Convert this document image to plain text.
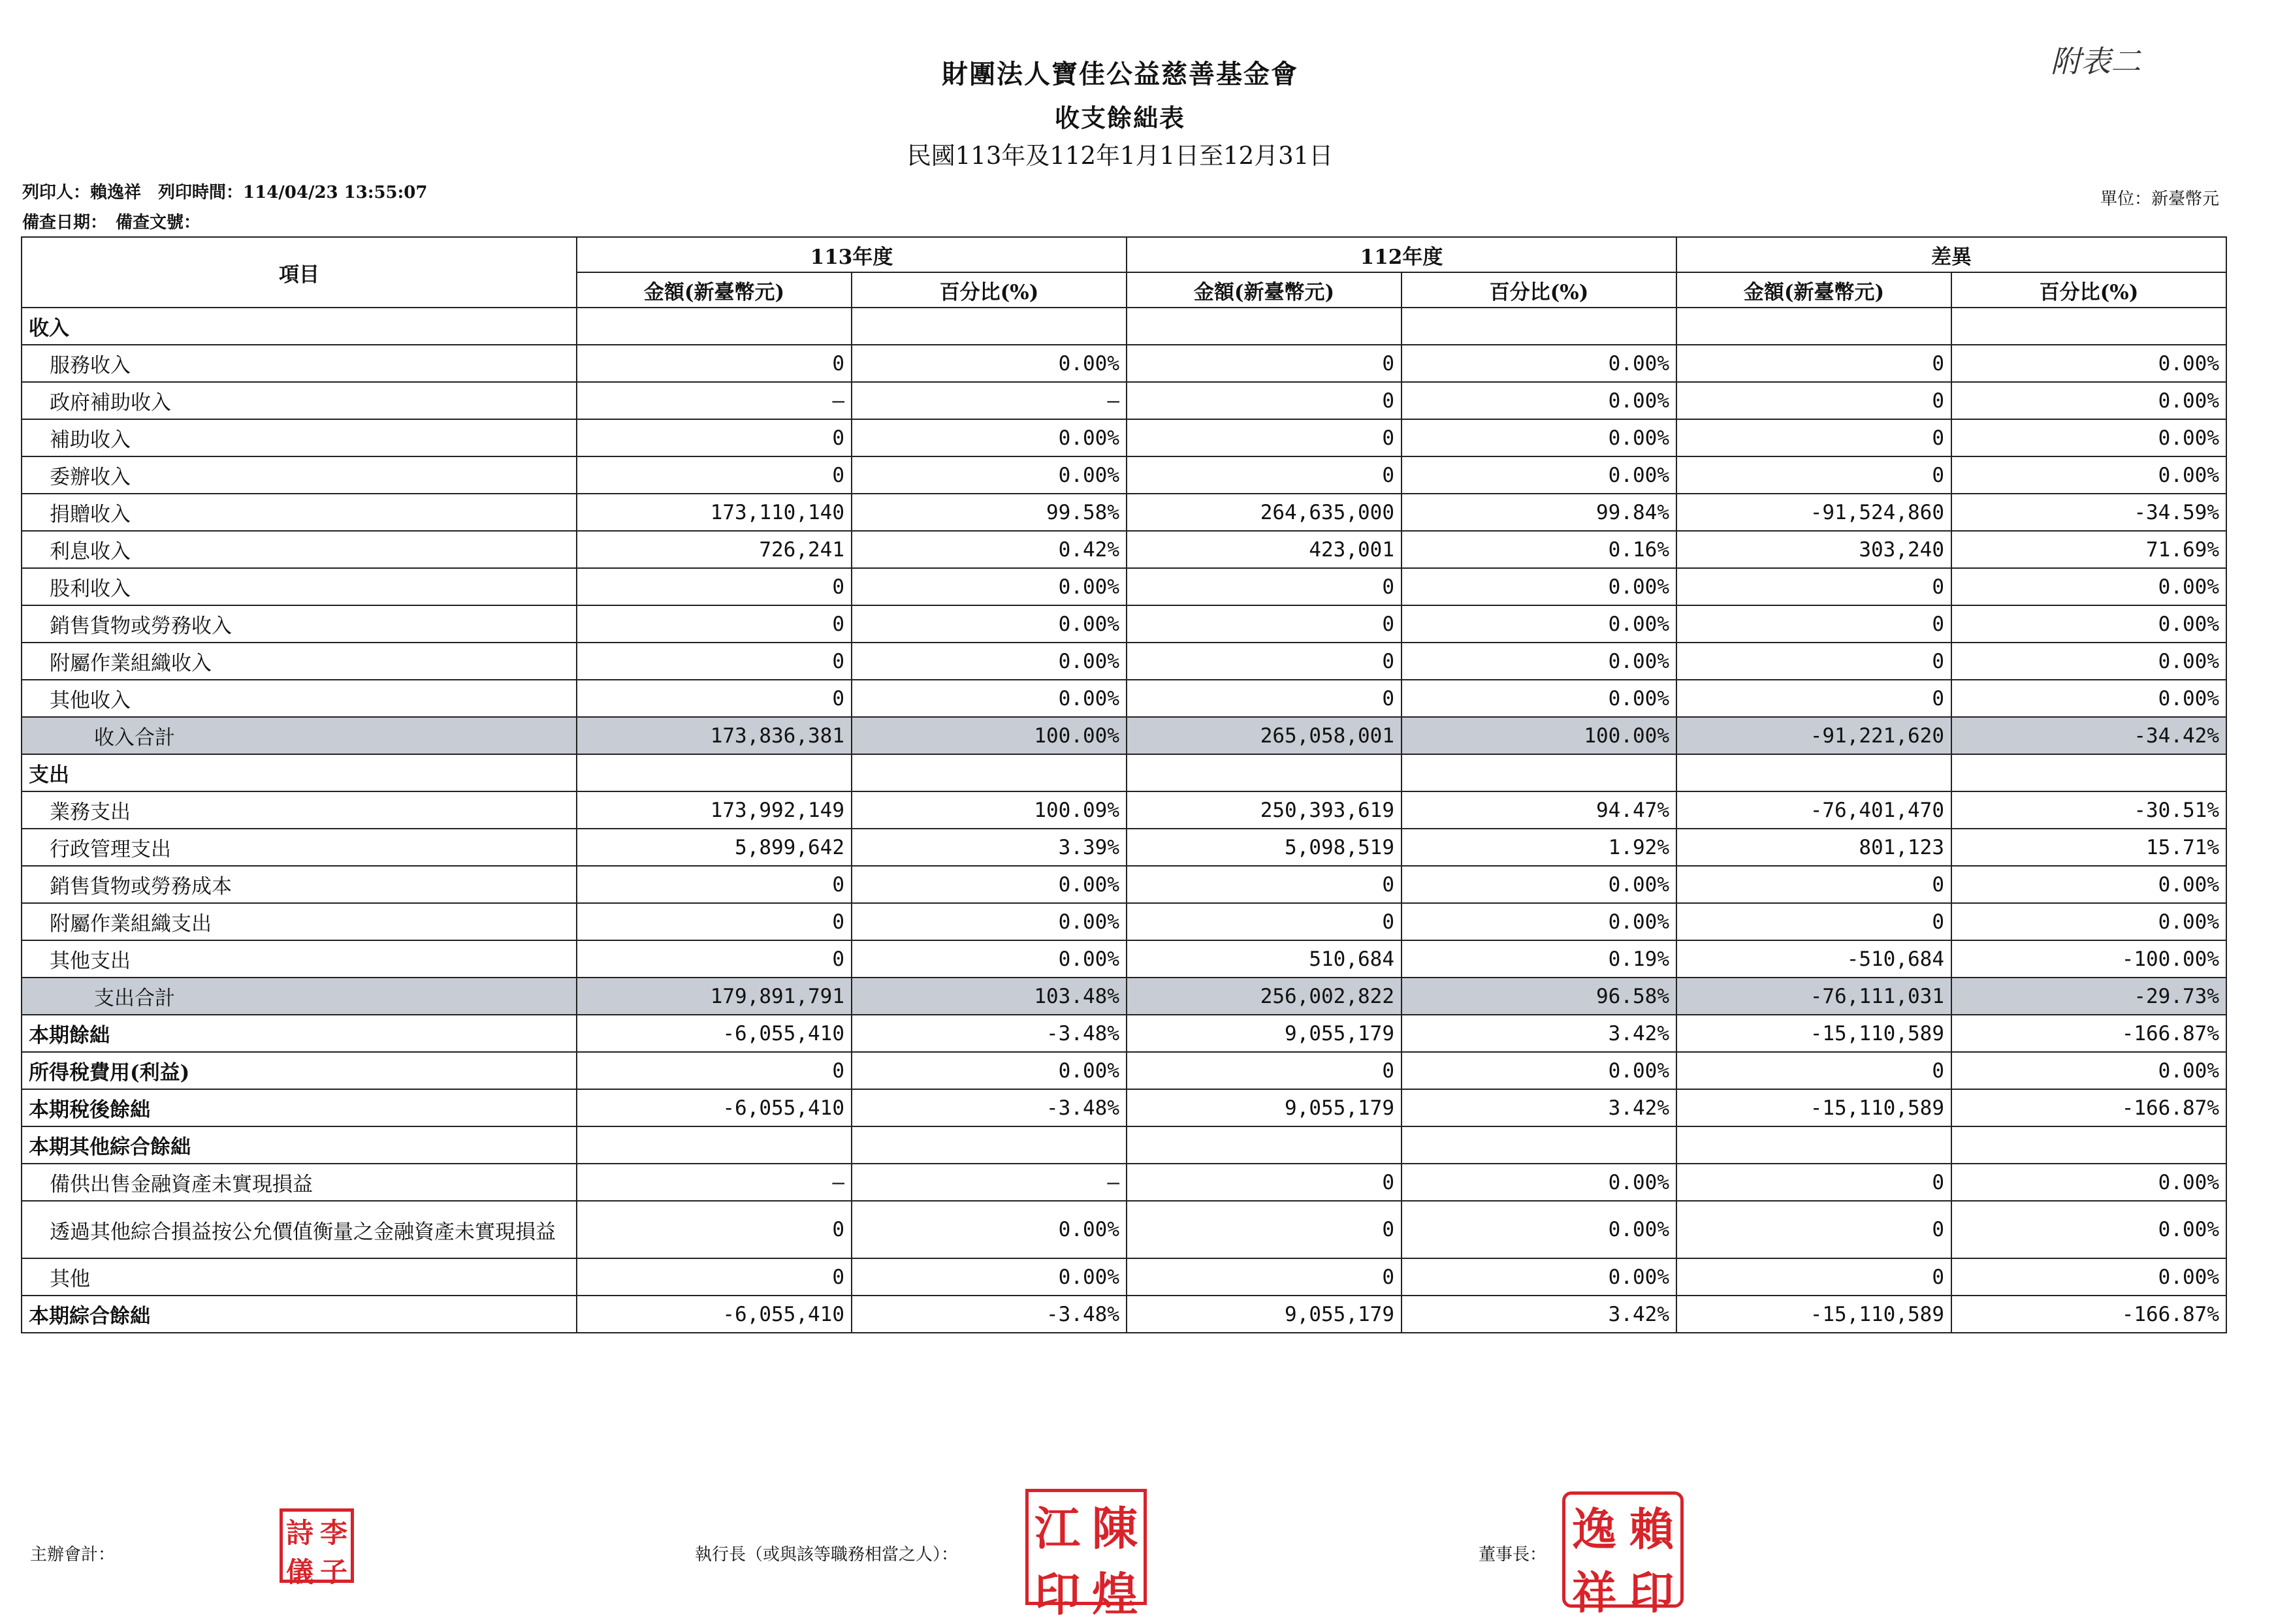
財團法人寶佳公益慈善基金會
收支餘絀表
民國113年及112年1月1日至12月31日
附表二
列印人：賴逸祥　列印時間：114/04/23 13:55:07
備查日期：　備查文號：
單位：新臺幣元
項目	113年度		112年度		差異	
	金額(新臺幣元)	百分比(%)	金額(新臺幣元)	百分比(%)	金額(新臺幣元)	百分比(%)
收入						
服務收入	0	0.00%	0	0.00%	0	0.00%
政府補助收入	—	—	0	0.00%	0	0.00%
補助收入	0	0.00%	0	0.00%	0	0.00%
委辦收入	0	0.00%	0	0.00%	0	0.00%
捐贈收入	173,110,140	99.58%	264,635,000	99.84%	-91,524,860	-34.59%
利息收入	726,241	0.42%	423,001	0.16%	303,240	71.69%
股利收入	0	0.00%	0	0.00%	0	0.00%
銷售貨物或勞務收入	0	0.00%	0	0.00%	0	0.00%
附屬作業組織收入	0	0.00%	0	0.00%	0	0.00%
其他收入	0	0.00%	0	0.00%	0	0.00%
收入合計	173,836,381	100.00%	265,058,001	100.00%	-91,221,620	-34.42%
支出						
業務支出	173,992,149	100.09%	250,393,619	94.47%	-76,401,470	-30.51%
行政管理支出	5,899,642	3.39%	5,098,519	1.92%	801,123	15.71%
銷售貨物或勞務成本	0	0.00%	0	0.00%	0	0.00%
附屬作業組織支出	0	0.00%	0	0.00%	0	0.00%
其他支出	0	0.00%	510,684	0.19%	-510,684	-100.00%
支出合計	179,891,791	103.48%	256,002,822	96.58%	-76,111,031	-29.73%
本期餘絀	-6,055,410	-3.48%	9,055,179	3.42%	-15,110,589	-166.87%
所得稅費用(利益)	0	0.00%	0	0.00%	0	0.00%
本期稅後餘絀	-6,055,410	-3.48%	9,055,179	3.42%	-15,110,589	-166.87%
本期其他綜合餘絀						
備供出售金融資產未實現損益	—	—	0	0.00%	0	0.00%
透過其他綜合損益按公允價值衡量之金融資產未實現損益	0	0.00%	0	0.00%	0	0.00%
其他	0	0.00%	0	0.00%	0	0.00%
本期綜合餘絀	-6,055,410	-3.48%	9,055,179	3.42%	-15,110,589	-166.87%
主辦會計：
詩 李
儀 子
執行長（或與該等職務相當之人）： 江 陳
印 煌
董事長： 逸 賴
祥 印
